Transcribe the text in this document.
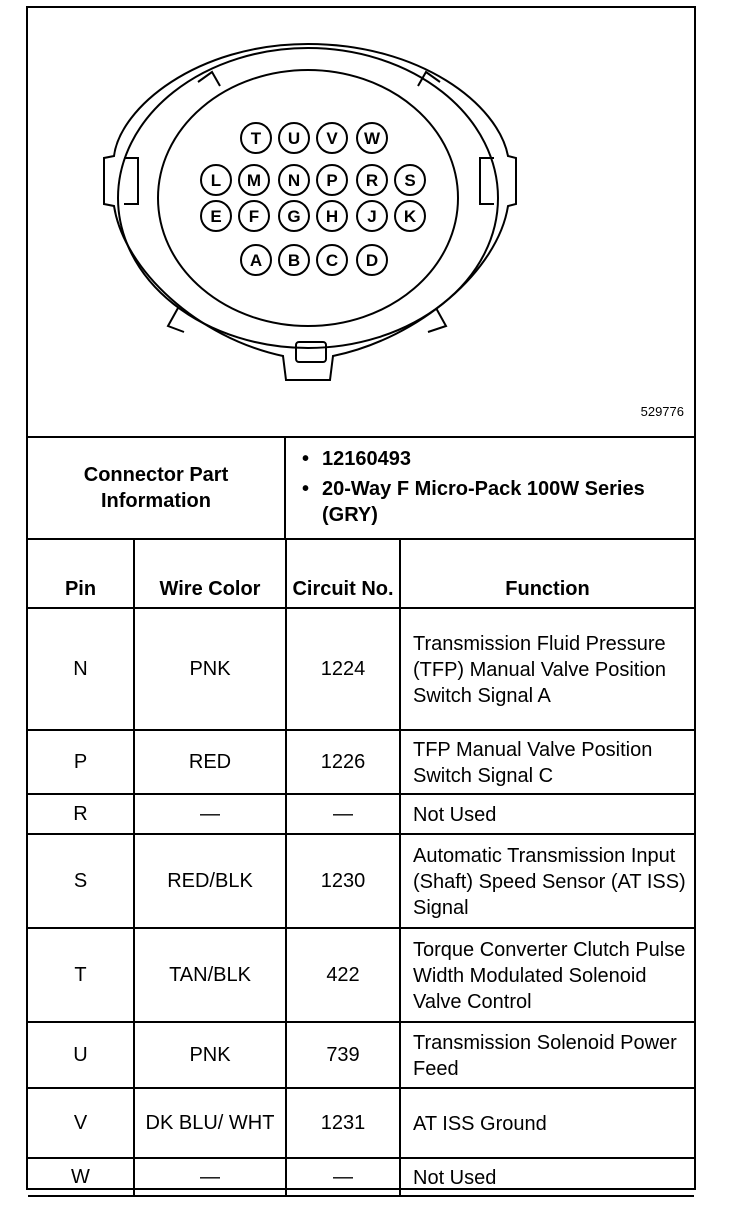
T U V W
L M N P R S
E F G H J K
A B C D
529776
Connector Part Information
• 12160493
• 20-Way F Micro-Pack 100W Series (GRY)
Pin	Wire Color	Circuit No.	Function
N	PNK	1224	Transmission Fluid Pressure (TFP) Manual Valve Position Switch Signal A
P	RED	1226	TFP Manual Valve Position Switch Signal C
R	—	—	Not Used
S	RED/BLK	1230	Automatic Transmission Input (Shaft) Speed Sensor (AT ISS) Signal
T	TAN/BLK	422	Torque Converter Clutch Pulse Width Modulated Solenoid Valve Control
U	PNK	739	Transmission Solenoid Power Feed
V	DK BLU/ WHT	1231	AT ISS Ground
W	—	—	Not Used
